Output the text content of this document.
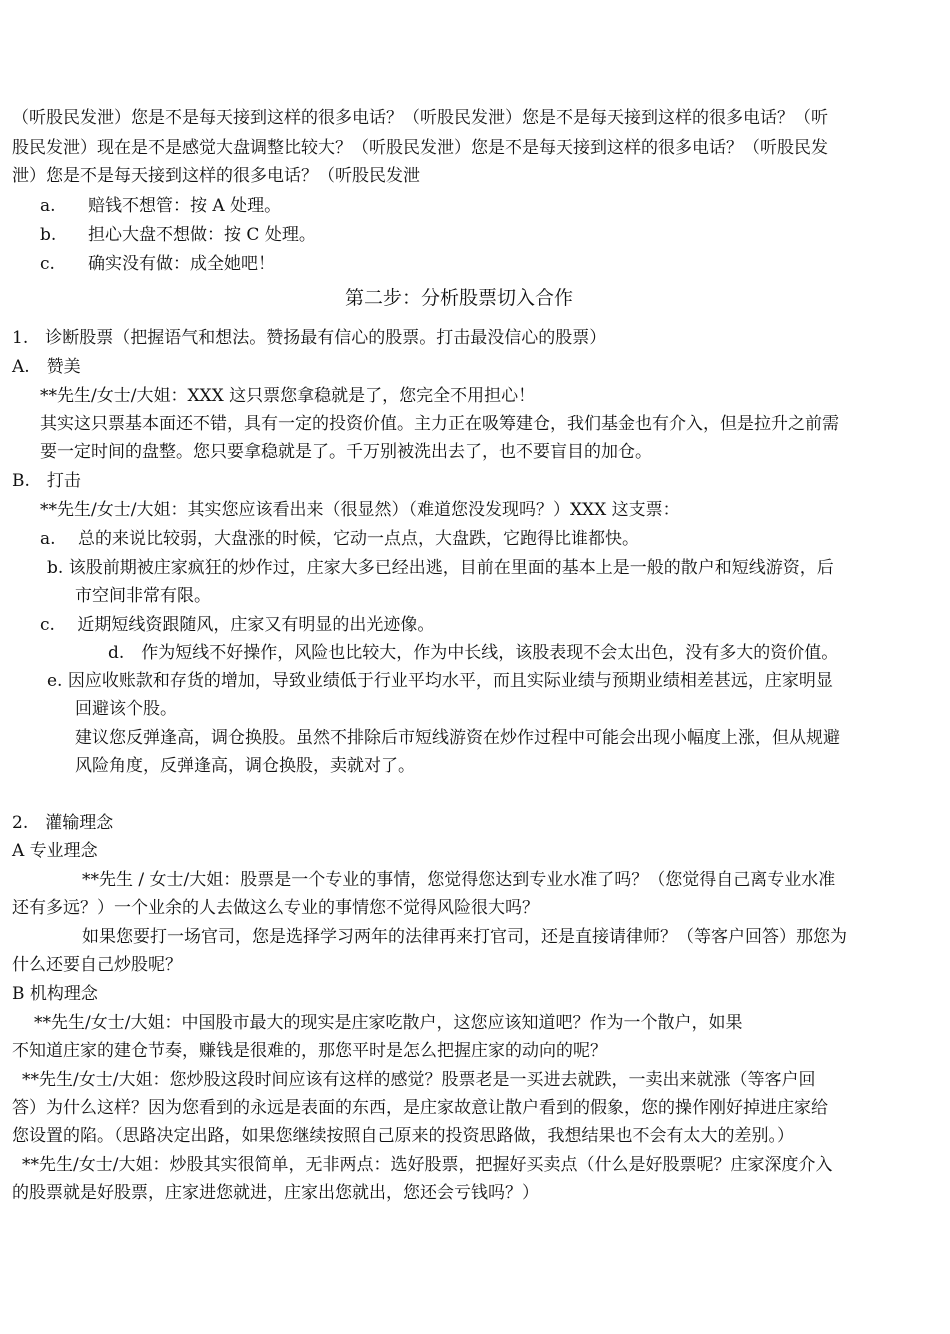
（听股民发泄）您是不是每天接到这样的很多电话？（听股民发泄）您是不是每天接到这样的很多电话？（听
股民发泄）现在是不是感觉大盘调整比较大？（听股民发泄）您是不是每天接到这样的很多电话？（听股民发
泄）您是不是每天接到这样的很多电话？（听股民发泄
a. 赔钱不想管：按 A 处理。
b. 担心大盘不想做：按 C 处理。
c. 确实没有做：成全她吧！
第二步：分析股票切入合作
1.　诊断股票（把握语气和想法。赞扬最有信心的股票。打击最没信心的股票）
A.　赞美
**先生/女士/大姐：XXX 这只票您拿稳就是了，您完全不用担心！
其实这只票基本面还不错，具有一定的投资价值。主力正在吸筹建仓，我们基金也有介入，但是拉升之前需
要一定时间的盘整。您只要拿稳就是了。千万别被洗出去了，也不要盲目的加仓。
B.　打击
**先生/女士/大姐：其实您应该看出来（很显然）（难道您没发现吗？）XXX 这支票：
a.　 总的来说比较弱，大盘涨的时候，它动一点点，大盘跌，它跑得比谁都快。
b. 该股前期被庄家疯狂的炒作过，庄家大多已经出逃，目前在里面的基本上是一般的散户和短线游资，后
市空间非常有限。
c.　 近期短线资跟随风，庄家又有明显的出光迹像。
d.　作为短线不好操作，风险也比较大，作为中长线，该股表现不会太出色，没有多大的资价值。
e. 因应收账款和存货的增加，导致业绩低于行业平均水平，而且实际业绩与预期业绩相差甚远，庄家明显
回避该个股。
建议您反弹逢高，调仓换股。虽然不排除后市短线游资在炒作过程中可能会出现小幅度上涨，但从规避
风险角度，反弹逢高，调仓换股，卖就对了。
2.　灌输理念
A 专业理念
**先生 / 女士/大姐：股票是一个专业的事情，您觉得您达到专业水准了吗？（您觉得自己离专业水准
还有多远？）一个业余的人去做这么专业的事情您不觉得风险很大吗？
如果您要打一场官司，您是选择学习两年的法律再来打官司，还是直接请律师？（等客户回答）那您为
什么还要自己炒股呢？
B 机构理念
**先生/女士/大姐：中国股市最大的现实是庄家吃散户，这您应该知道吧？作为一个散户，如果
不知道庄家的建仓节奏，赚钱是很难的，那您平时是怎么把握庄家的动向的呢？
**先生/女士/大姐：您炒股这段时间应该有这样的感觉？股票老是一买进去就跌，一卖出来就涨（等客户回
答）为什么这样？因为您看到的永远是表面的东西，是庄家故意让散户看到的假象，您的操作刚好掉进庄家给
您设置的陷。（思路决定出路，如果您继续按照自己原来的投资思路做，我想结果也不会有太大的差别。）
**先生/女士/大姐：炒股其实很简单，无非两点：选好股票，把握好买卖点（什么是好股票呢？庄家深度介入
的股票就是好股票，庄家进您就进，庄家出您就出，您还会亏钱吗？）
